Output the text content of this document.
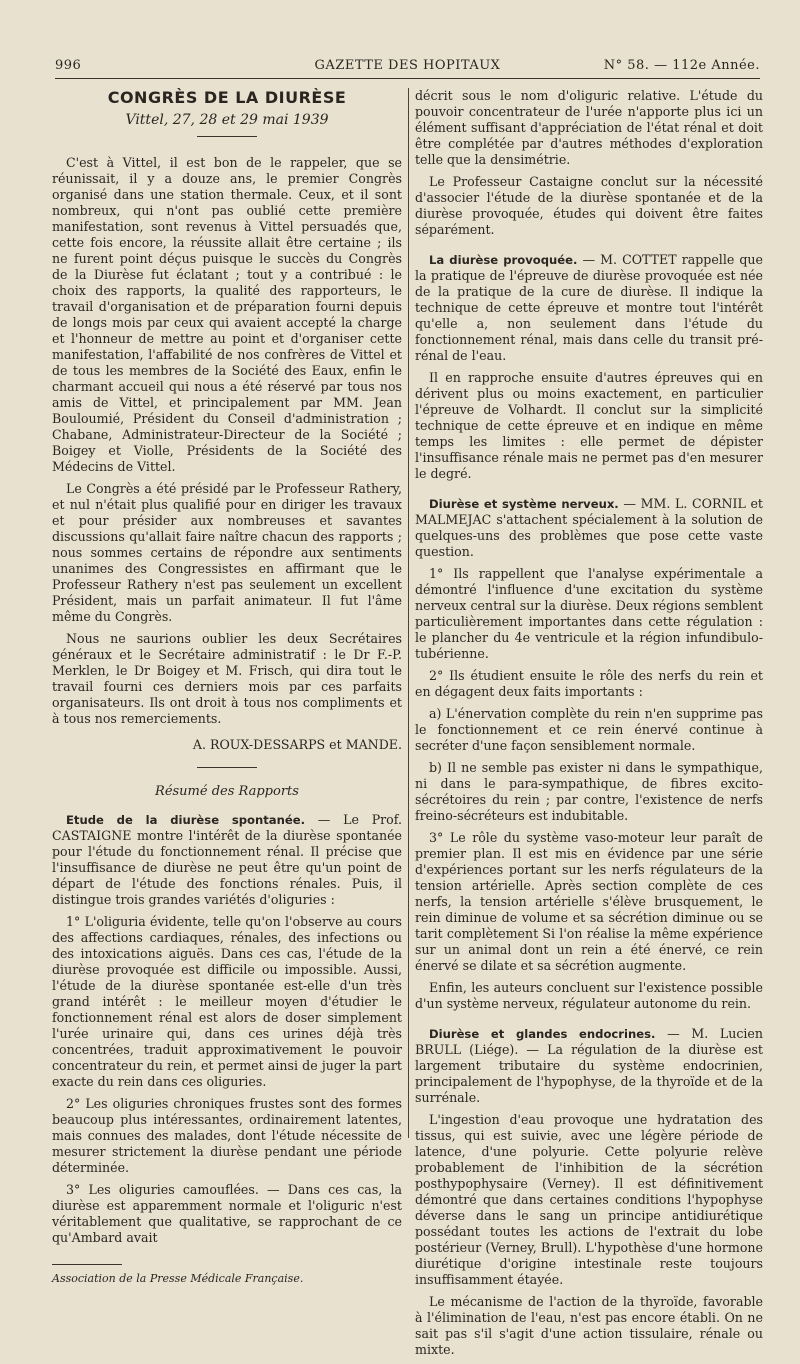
996	GAZETTE DES HOPITAUX	N° 58. — 112e Année.
CONGRÈS DE LA DIURÈSE

Vittel, 27, 28 et 29 mai 1939

C'est à Vittel, il est bon de le rappeler, que se réunissait, il y a douze ans, le premier Congrès organisé dans une station thermale. Ceux, et il sont nombreux, qui n'ont pas oublié cette première manifestation, sont revenus à Vittel persuadés que, cette fois encore, la réussite allait être certaine ; ils ne furent point déçus puisque le succès du Congrès de la Diurèse fut éclatant ; tout y a contribué : le choix des rapports, la qualité des rapporteurs, le travail d'organisation et de préparation fourni depuis de longs mois par ceux qui avaient accepté la charge et l'honneur de mettre au point et d'organiser cette manifestation, l'affabilité de nos confrères de Vittel et de tous les membres de la Société des Eaux, enfin le charmant accueil qui nous a été réservé par tous nos amis de Vittel, et principalement par MM. Jean Bouloumié, Président du Conseil d'administration ; Chabane, Administrateur-Directeur de la Société ; Boigey et Violle, Présidents de la Société des Médecins de Vittel.

Le Congrès a été présidé par le Professeur Rathery, et nul n'était plus qualifié pour en diriger les travaux et pour présider aux nombreuses et savantes discussions qu'allait faire naître chacun des rapports ; nous sommes certains de répondre aux sentiments unanimes des Congressistes en affirmant que le Professeur Rathery n'est pas seulement un excellent Président, mais un parfait animateur. Il fut l'âme même du Congrès.

Nous ne saurions oublier les deux Secrétaires généraux et le Secrétaire administratif : le Dr F.-P. Merklen, le Dr Boigey et M. Frisch, qui dira tout le travail fourni ces derniers mois par ces parfaits organisateurs. Ils ont droit à tous nos compliments et à tous nos remerciements.

A. ROUX-DESSARPS et MANDE.

Résumé des Rapports

Etude de la diurèse spontanée. — Le Prof. CASTAIGNE montre l'intérêt de la diurèse spontanée pour l'étude du fonctionnement rénal. Il précise que l'insuffisance de diurèse ne peut être qu'un point de départ de l'étude des fonctions rénales. Puis, il distingue trois grandes variétés d'oliguries :

1° L'oliguria évidente, telle qu'on l'observe au cours des affections cardiaques, rénales, des infections ou des intoxications aiguës. Dans ces cas, l'étude de la diurèse provoquée est difficile ou impossible. Aussi, l'étude de la diurèse spontanée est-elle d'un très grand intérêt : le meilleur moyen d'étudier le fonctionnement rénal est alors de doser simplement l'urée urinaire qui, dans ces urines déjà très concentrées, traduit approximativement le pouvoir concentrateur du rein, et permet ainsi de juger la part exacte du rein dans ces oliguries.

2° Les oliguries chroniques frustes sont des formes beaucoup plus intéressantes, ordinairement latentes, mais connues des malades, dont l'étude nécessite de mesurer strictement la diurèse pendant une période déterminée.

3° Les oliguries camouflées. — Dans ces cas, la diurèse est apparemment normale et l'oliguric n'est véritablement que qualitative, se rapprochant de ce qu'Ambard avait

Association de la Presse Médicale Française.

décrit sous le nom d'oliguric relative. L'étude du pouvoir concentrateur de l'urée n'apporte plus ici un élément suffisant d'appréciation de l'état rénal et doit être complétée par d'autres méthodes d'exploration telle que la densimétrie.

Le Professeur Castaigne conclut sur la nécessité d'associer l'étude de la diurèse spontanée et de la diurèse provoquée, études qui doivent être faites séparément.

La diurèse provoquée. — M. COTTET rappelle que la pratique de l'épreuve de diurèse provoquée est née de la pratique de la cure de diurèse. Il indique la technique de cette épreuve et montre tout l'intérêt qu'elle a, non seulement dans l'étude du fonctionnement rénal, mais dans celle du transit pré-rénal de l'eau.

Il en rapproche ensuite d'autres épreuves qui en dérivent plus ou moins exactement, en particulier l'épreuve de Volhardt. Il conclut sur la simplicité technique de cette épreuve et en indique en même temps les limites : elle permet de dépister l'insuffisance rénale mais ne permet pas d'en mesurer le degré.

Diurèse et système nerveux. — MM. L. CORNIL et MALMEJAC s'attachent spécialement à la solution de quelques-uns des problèmes que pose cette vaste question.

1° Ils rappellent que l'analyse expérimentale a démontré l'influence d'une excitation du système nerveux central sur la diurèse. Deux régions semblent particulièrement importantes dans cette régulation : le plancher du 4e ventricule et la région infundibulo-tubérienne.

2° Ils étudient ensuite le rôle des nerfs du rein et en dégagent deux faits importants :

a) L'énervation complète du rein n'en supprime pas le fonctionnement et ce rein énervé continue à secréter d'une façon sensiblement normale.

b) Il ne semble pas exister ni dans le sympathique, ni dans le para-sympathique, de fibres excito-sécrétoires du rein ; par contre, l'existence de nerfs freino-sécréteurs est indubitable.

3° Le rôle du système vaso-moteur leur paraît de premier plan. Il est mis en évidence par une série d'expériences portant sur les nerfs régulateurs de la tension artérielle. Après section complète de ces nerfs, la tension artérielle s'élève brusquement, le rein diminue de volume et sa sécrétion diminue ou se tarit complètement Si l'on réalise la même expérience sur un animal dont un rein a été énervé, ce rein énervé se dilate et sa sécrétion augmente.

Enfin, les auteurs concluent sur l'existence possible d'un système nerveux, régulateur autonome du rein.

Diurèse et glandes endocrines. — M. Lucien BRULL (Liége). — La régulation de la diurèse est largement tributaire du système endocrinien, principalement de l'hypophyse, de la thyroïde et de la surrénale.

L'ingestion d'eau provoque une hydratation des tissus, qui est suivie, avec une légère période de latence, d'une polyurie. Cette polyurie relève probablement de l'inhibition de la sécrétion posthypophysaire (Verney). Il est définitivement démontré que dans certaines conditions l'hypophyse déverse dans le sang un principe antidiurétique possédant toutes les actions de l'extrait du lobe postérieur (Verney, Brull). L'hypothèse d'une hormone diurétique d'origine intestinale reste toujours insuffisamment étayée.

Le mécanisme de l'action de la thyroïde, favorable à l'élimination de l'eau, n'est pas encore établi. On ne sait pas s'il s'agit d'une action tissulaire, rénale ou mixte.
